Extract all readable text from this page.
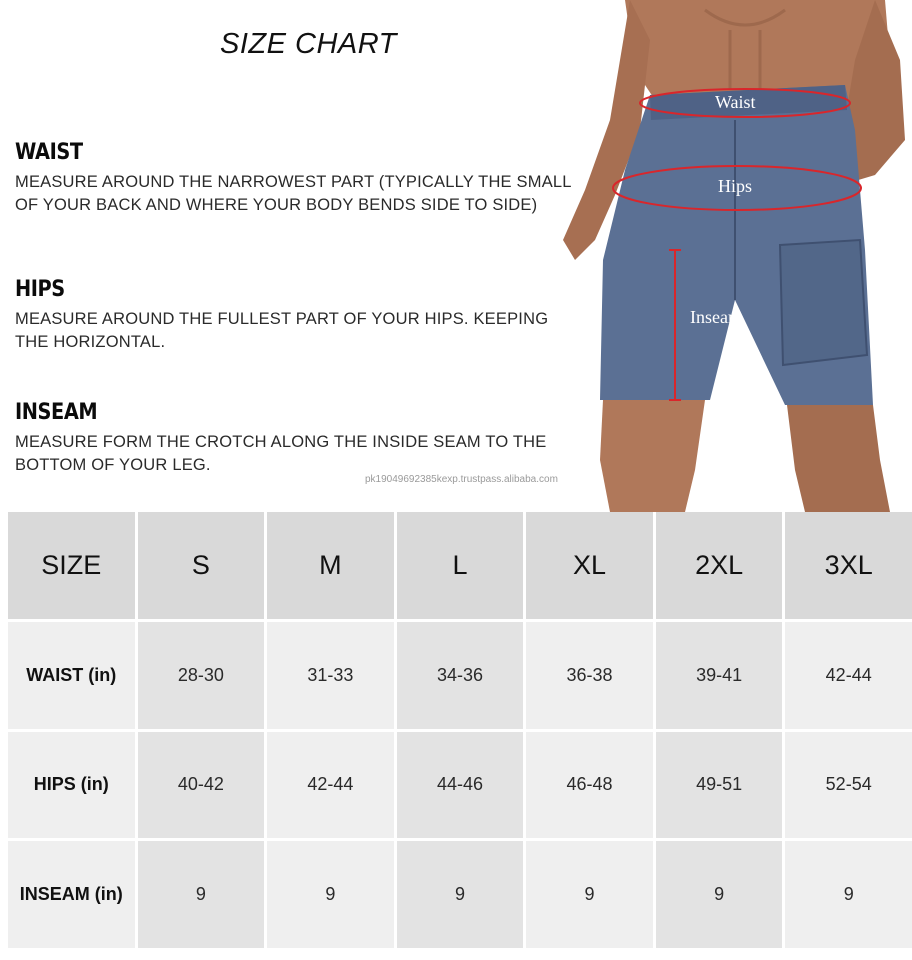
SIZE CHART
WAIST

MEASURE AROUND THE NARROWEST PART (TYPICALLY THE SMALL OF YOUR BACK AND WHERE YOUR BODY BENDS SIDE TO SIDE)

HIPS

MEASURE AROUND THE FULLEST PART OF YOUR HIPS. KEEPING THE HORIZONTAL.

INSEAM

MEASURE FORM THE CROTCH ALONG THE INSIDE SEAM TO THE BOTTOM OF YOUR LEG.

pk19049692385kexp.trustpass.alibaba.com
Waist
Hips
Inseam
SIZE	S	M	L	XL	2XL	3XL
WAIST (in)	28-30	31-33	34-36	36-38	39-41	42-44
HIPS (in)	40-42	42-44	44-46	46-48	49-51	52-54
INSEAM (in)	9	9	9	9	9	9
